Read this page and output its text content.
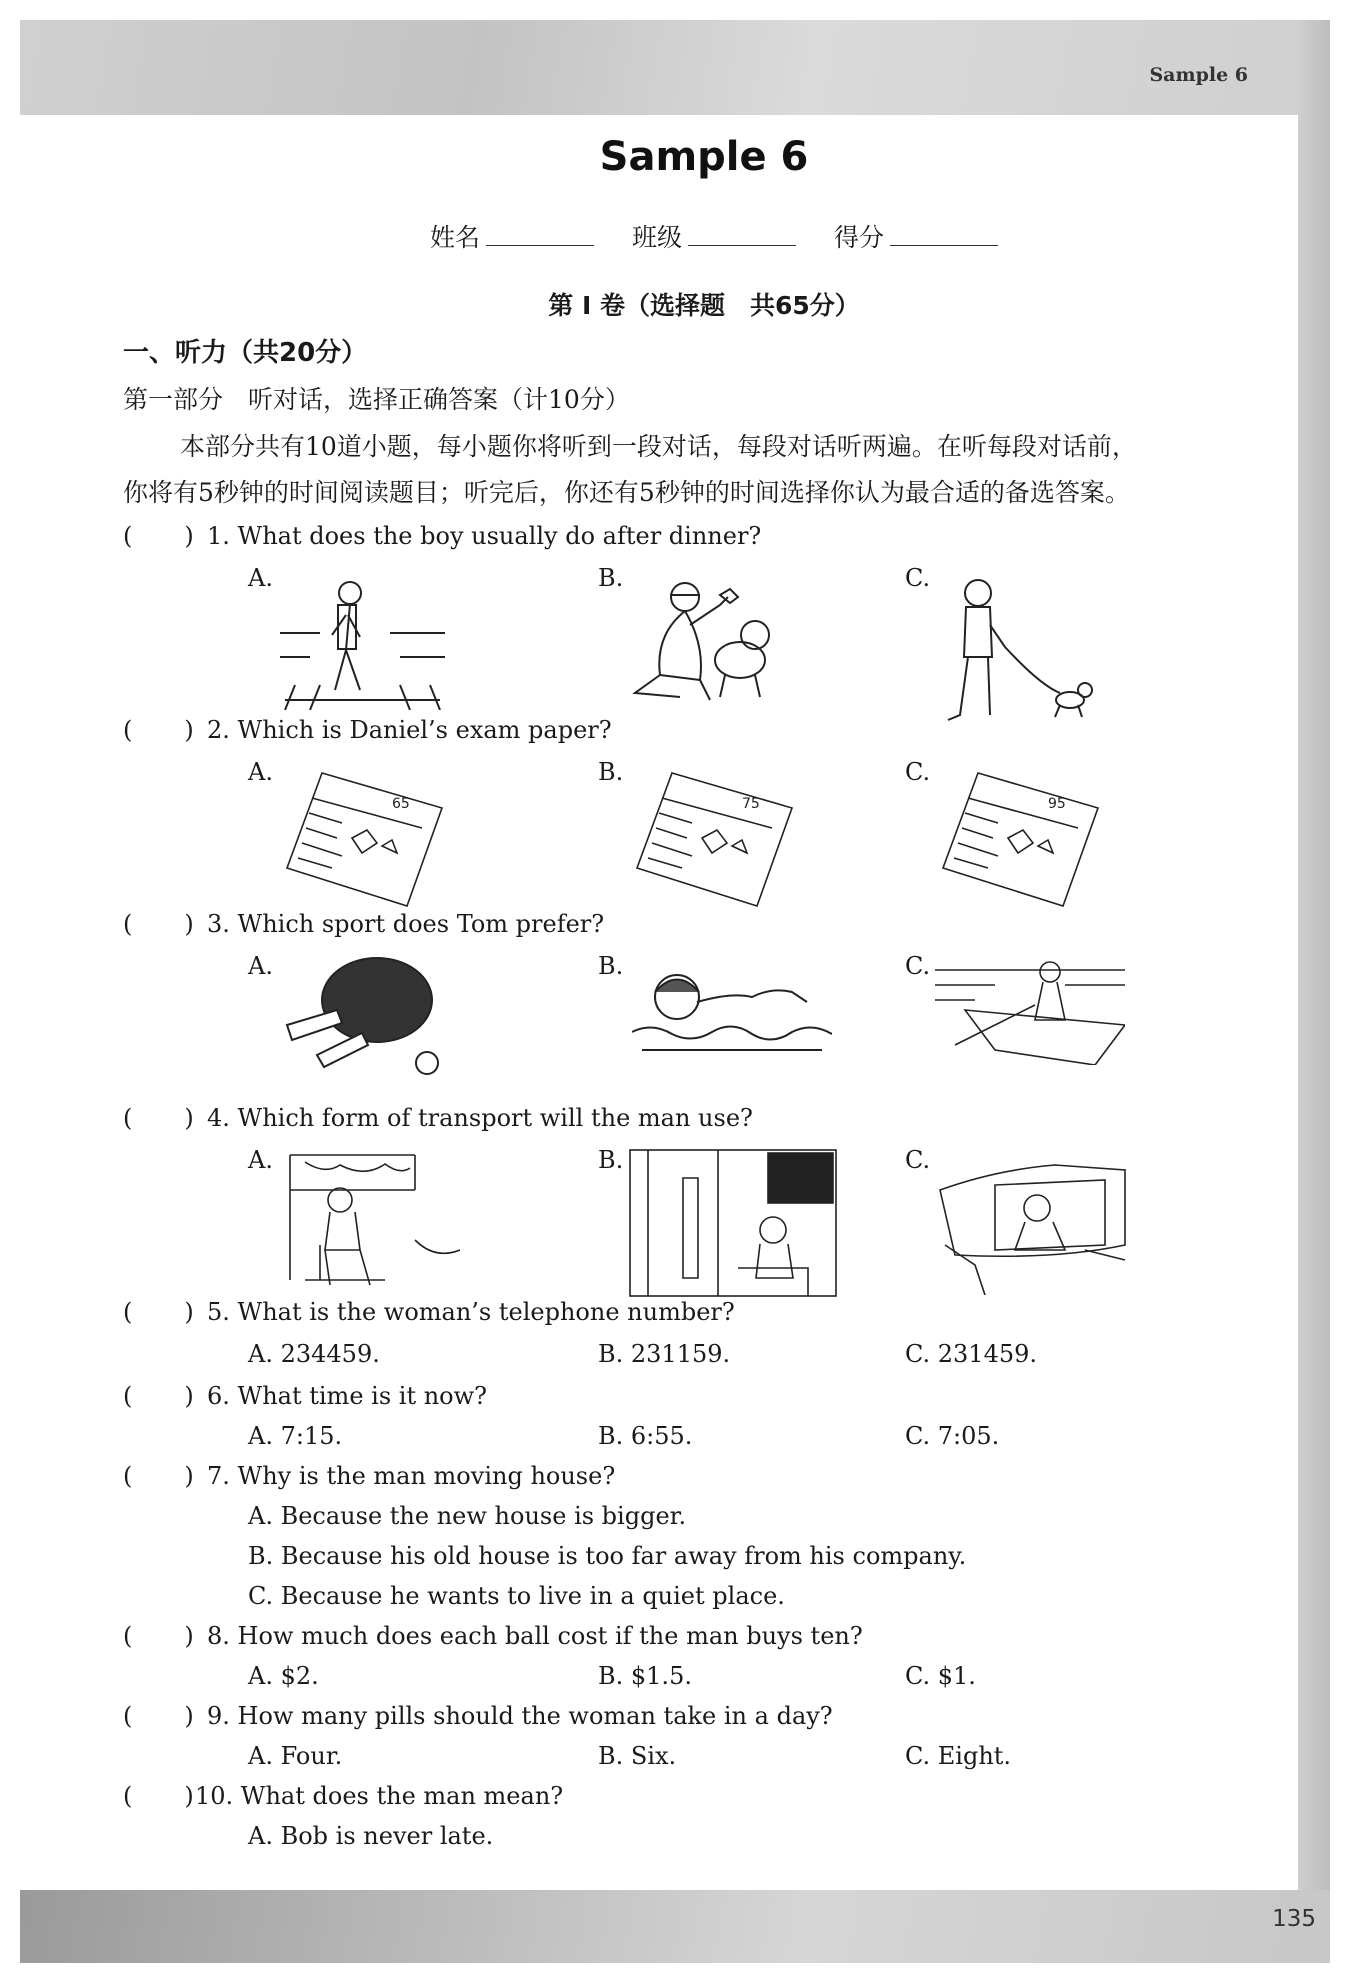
Sample 6
135
Sample 6
姓名	班级	得分
第 Ⅰ 卷（选择题　共65分）
一、听力（共20分）
第一部分　听对话，选择正确答案（计10分）
本部分共有10道小题，每小题你将听到一段对话，每段对话听两遍。在听每段对话前，
你将有5秒钟的时间阅读题目；听完后，你还有5秒钟的时间选择你认为最合适的备选答案。
( ) 1. What does the boy usually do after dinner?
A.	B.	C.
( ) 2. Which is Daniel’s exam paper?
A.	B.	C.
65	75	95
( ) 3. Which sport does Tom prefer?
A.	B.	C.
( ) 4. Which form of transport will the man use?
A.	B.	C.
( ) 5. What is the woman’s telephone number?
A. 234459.	B. 231159.	C. 231459.
( ) 6. What time is it now?
A. 7:15.	B. 6:55.	C. 7:05.
( ) 7. Why is the man moving house?
A. Because the new house is bigger.
B. Because his old house is too far away from his company.
C. Because he wants to live in a quiet place.
( ) 8. How much does each ball cost if the man buys ten?
A. $2.	B. $1.5.	C. $1.
( ) 9. How many pills should the woman take in a day?
A. Four.	B. Six.	C. Eight.
( )10. What does the man mean?
A. Bob is never late.
